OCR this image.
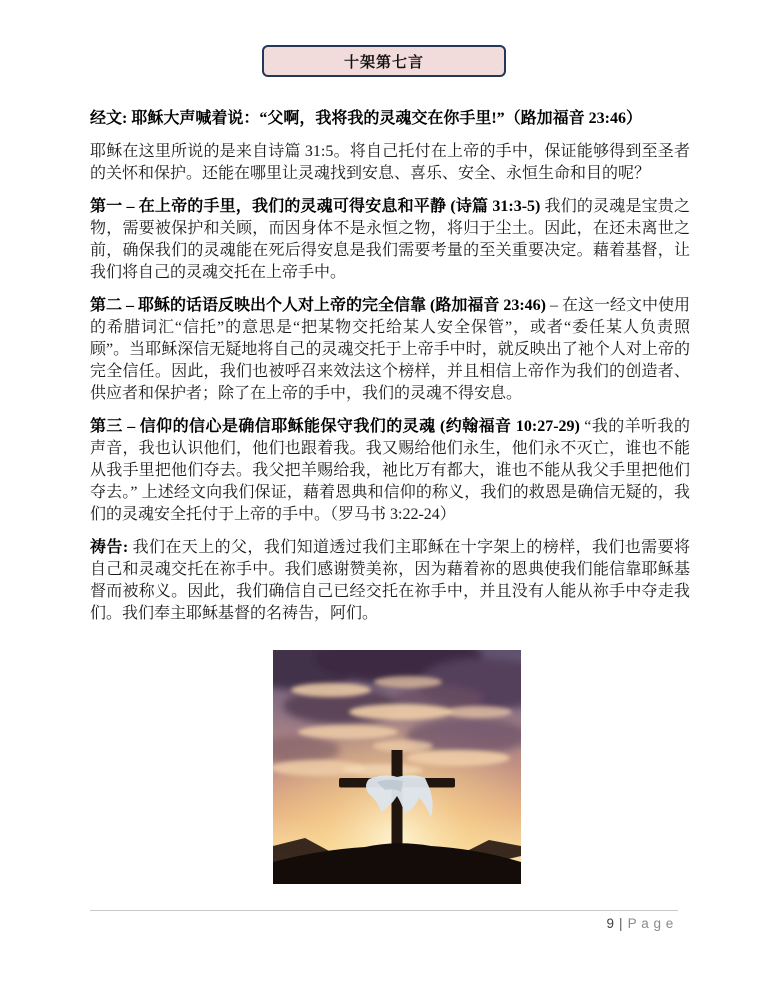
十架第七言

经文: 耶稣大声喊着说：“父啊，我将我的灵魂交在你手里!”（路加福音 23:46）

耶稣在这里所说的是来自诗篇 31:5。将自己托付在上帝的手中，保证能够得到至圣者的关怀和保护。还能在哪里让灵魂找到安息、喜乐、安全、永恒生命和目的呢？

第一 – 在上帝的手里，我们的灵魂可得安息和平静 (诗篇 31:3-5) 我们的灵魂是宝贵之物，需要被保护和关顾，而因身体不是永恒之物，将归于尘土。因此，在还未离世之前，确保我们的灵魂能在死后得安息是我们需要考量的至关重要决定。藉着基督，让我们将自己的灵魂交托在上帝手中。

第二 – 耶稣的话语反映出个人对上帝的完全信靠 (路加福音 23:46) – 在这一经文中使用的希腊词汇“信托”的意思是“把某物交托给某人安全保管”，或者“委任某人负责照顾”。当耶稣深信无疑地将自己的灵魂交托于上帝手中时，就反映出了祂个人对上帝的完全信任。因此，我们也被呼召来效法这个榜样，并且相信上帝作为我们的创造者、供应者和保护者；除了在上帝的手中，我们的灵魂不得安息。

第三 – 信仰的信心是确信耶稣能保守我们的灵魂 (约翰福音 10:27-29) “我的羊听我的声音，我也认识他们，他们也跟着我。我又赐给他们永生，他们永不灭亡，谁也不能从我手里把他们夺去。我父把羊赐给我，祂比万有都大，谁也不能从我父手里把他们夺去。” 上述经文向我们保证，藉着恩典和信仰的称义，我们的救恩是确信无疑的，我们的灵魂安全托付于上帝的手中。（罗马书 3:22-24）

祷告: 我们在天上的父，我们知道透过我们主耶稣在十字架上的榜样，我们也需要将自己和灵魂交托在祢手中。我们感谢赞美祢，因为藉着祢的恩典使我们能信靠耶稣基督而被称义。因此，我们确信自己已经交托在祢手中，并且没有人能从祢手中夺走我们。我们奉主耶稣基督的名祷告，阿们。

9 | Page
